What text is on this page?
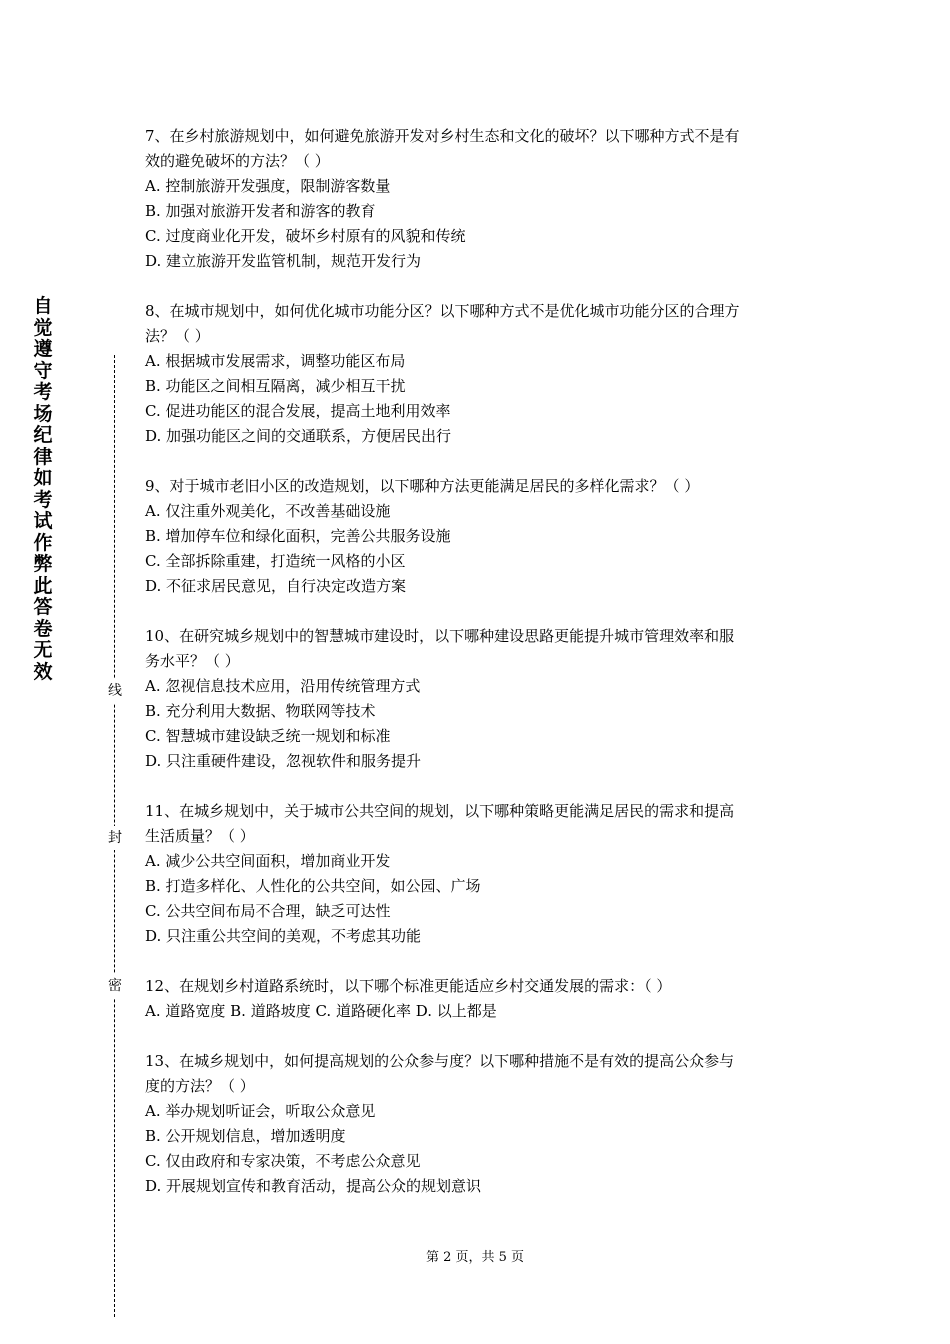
自觉遵守考场纪律如考试作弊此答卷无效
线
封
密
7、在乡村旅游规划中，如何避免旅游开发对乡村生态和文化的破坏？以下哪种方式不是有
效的避免破坏的方法？（ ）
A. 控制旅游开发强度，限制游客数量
B. 加强对旅游开发者和游客的教育
C. 过度商业化开发，破坏乡村原有的风貌和传统
D. 建立旅游开发监管机制，规范开发行为
8、在城市规划中，如何优化城市功能分区？以下哪种方式不是优化城市功能分区的合理方
法？（ ）
A. 根据城市发展需求，调整功能区布局
B. 功能区之间相互隔离，减少相互干扰
C. 促进功能区的混合发展，提高土地利用效率
D. 加强功能区之间的交通联系，方便居民出行
9、对于城市老旧小区的改造规划，以下哪种方法更能满足居民的多样化需求？（ ）
A. 仅注重外观美化，不改善基础设施
B. 增加停车位和绿化面积，完善公共服务设施
C. 全部拆除重建，打造统一风格的小区
D. 不征求居民意见，自行决定改造方案
10、在研究城乡规划中的智慧城市建设时，以下哪种建设思路更能提升城市管理效率和服
务水平？（ ）
A. 忽视信息技术应用，沿用传统管理方式
B. 充分利用大数据、物联网等技术
C. 智慧城市建设缺乏统一规划和标准
D. 只注重硬件建设，忽视软件和服务提升
11、在城乡规划中，关于城市公共空间的规划，以下哪种策略更能满足居民的需求和提高
生活质量？（ ）
A. 减少公共空间面积，增加商业开发
B. 打造多样化、人性化的公共空间，如公园、广场
C. 公共空间布局不合理，缺乏可达性
D. 只注重公共空间的美观，不考虑其功能
12、在规划乡村道路系统时，以下哪个标准更能适应乡村交通发展的需求：（ ）
A. 道路宽度 B. 道路坡度 C. 道路硬化率 D. 以上都是
13、在城乡规划中，如何提高规划的公众参与度？以下哪种措施不是有效的提高公众参与
度的方法？（ ）
A. 举办规划听证会，听取公众意见
B. 公开规划信息，增加透明度
C. 仅由政府和专家决策，不考虑公众意见
D. 开展规划宣传和教育活动，提高公众的规划意识
第 2 页，共 5 页
